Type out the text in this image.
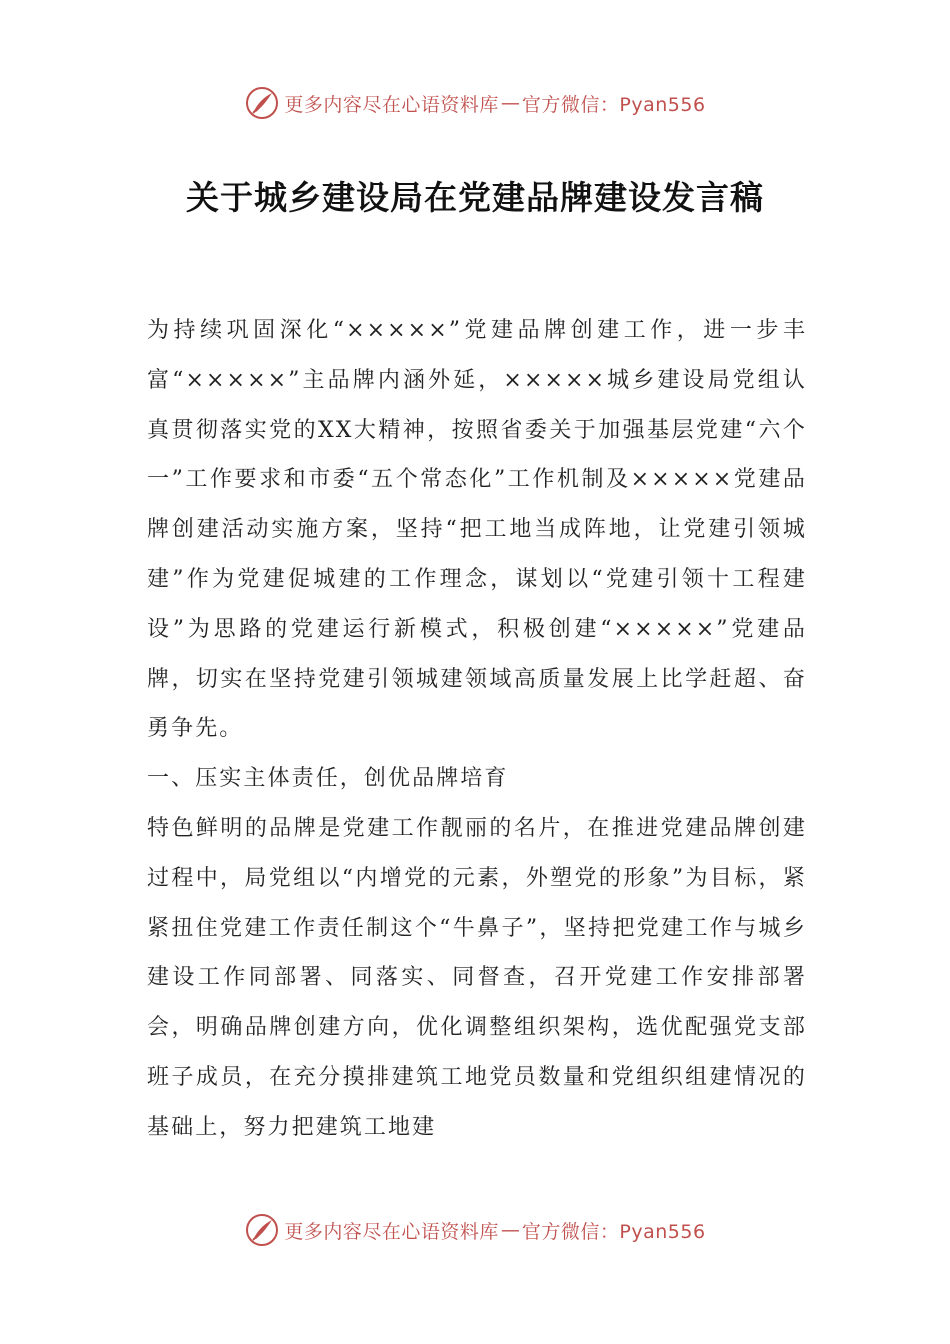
更多内容尽在心语资料库 — 官方微信：Pyan556
关于城乡建设局在党建品牌建设发言稿

为持续巩固深化“×××××”党建品牌创建工作，进一步丰富“×××××”主品牌内涵外延，×××××城乡建设局党组认真贯彻落实党的XX大精神，按照省委关于加强基层党建“六个一”工作要求和市委“五个常态化”工作机制及×××××党建品牌创建活动实施方案，坚持“把工地当成阵地，让党建引领城建”作为党建促城建的工作理念，谋划以“党建引领十工程建设”为思路的党建运行新模式，积极创建“×××××”党建品牌，切实在坚持党建引领城建领域高质量发展上比学赶超、奋勇争先。

一、压实主体责任，创优品牌培育

特色鲜明的品牌是党建工作靓丽的名片，在推进党建品牌创建过程中，局党组以“内增党的元素，外塑党的形象”为目标，紧紧扭住党建工作责任制这个“牛鼻子”，坚持把党建工作与城乡建设工作同部署、同落实、同督查，召开党建工作安排部署会，明确品牌创建方向，优化调整组织架构，选优配强党支部班子成员，在充分摸排建筑工地党员数量和党组织组建情况的基础上，努力把建筑工地建

更多内容尽在心语资料库 — 官方微信：Pyan556
